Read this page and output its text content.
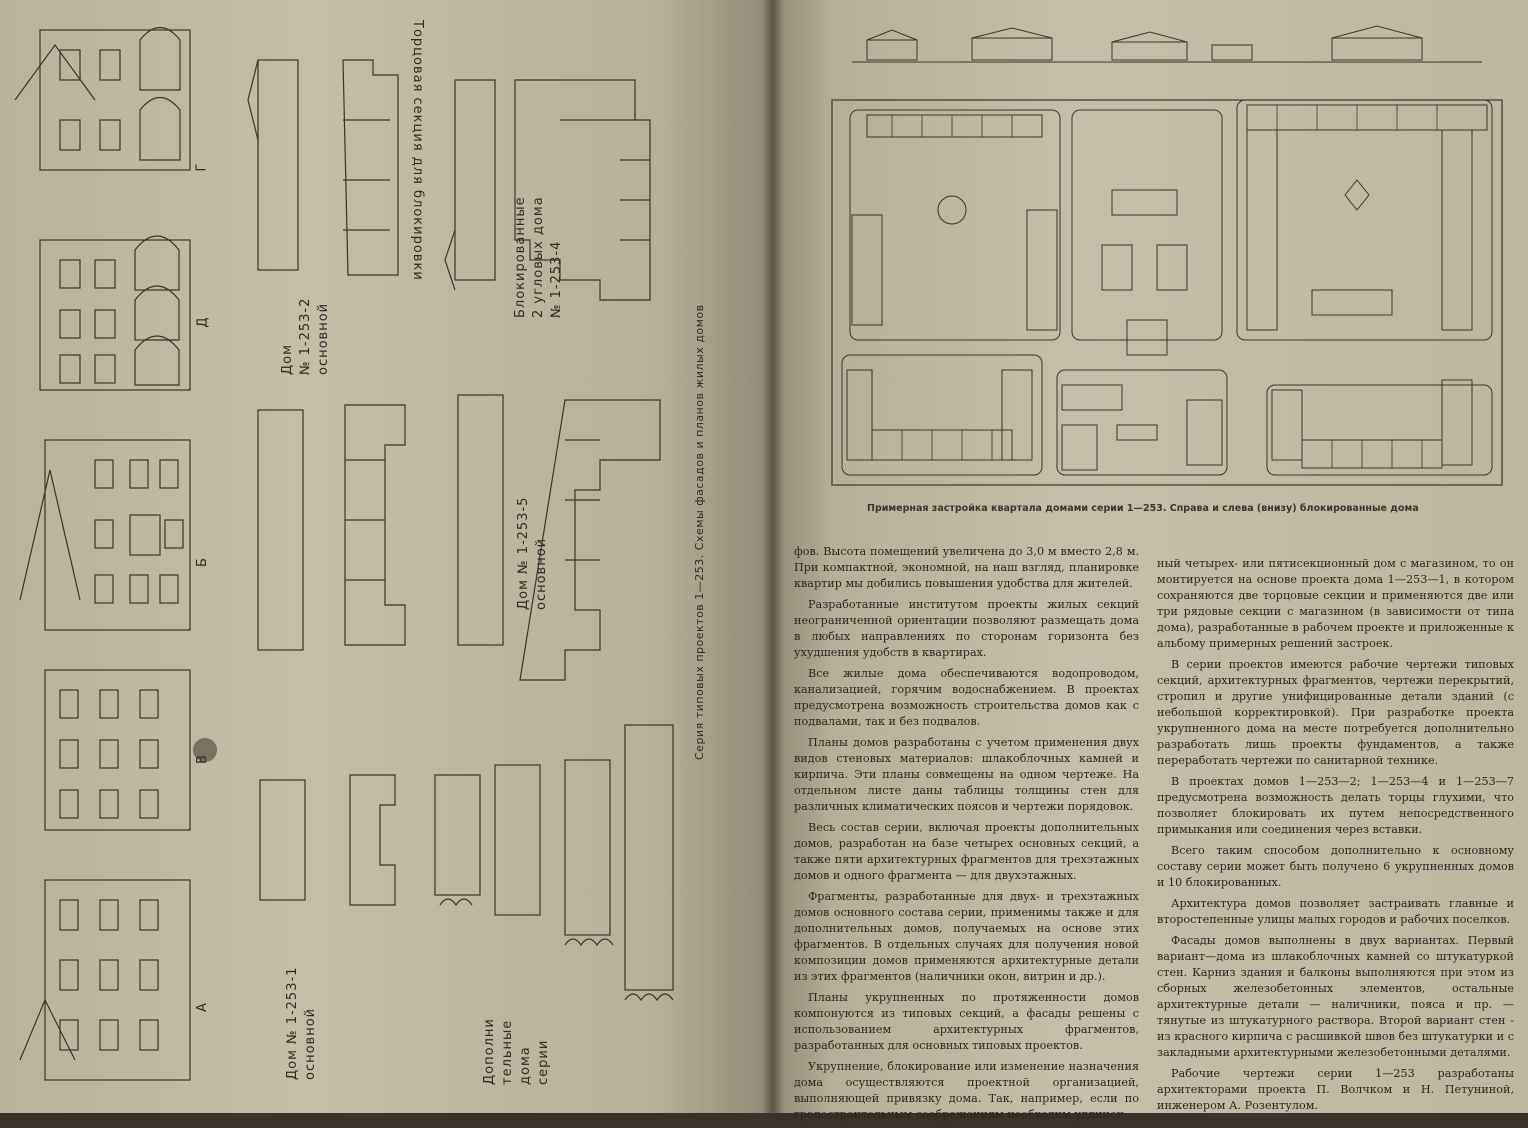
Г
Д
Б
В
А
Торцовая секция для блокировки
Дом № 1-253-2 основной
Блокированные 2 угловых дома № 1-253-4
Дом № 1-253-5 основной
Дом № 1-253-1 основной	Дополни тельные дома серии
Серия типовых проектов 1—253. Схемы фасадов и планов жилых домов	Примерная застройка квартала домами серии 1—253. Справа и слева (внизу) блокированные дома

фов. Высота помещений увеличена до 3,0 м вместо 2,8 м. При компактной, экономной, на наш взгляд, планировке квартир мы добились повышения удобства для жителей.

Разработанные институтом проекты жилых секций неограниченной ориентации позволяют размещать дома в любых направлениях по сторонам горизонта без ухудшения удобств в квартирах.

Все жилые дома обеспечиваются водопроводом, канализацией, горячим водоснабжением. В проектах предусмотрена возможность строительства домов как с подвалами, так и без подвалов.

Планы домов разработаны с учетом применения двух видов стеновых материалов: шлакоблочных камней и кирпича. Эти планы совмещены на одном чертеже. На отдельном листе даны таблицы толщины стен для различных климатических поясов и чертежи порядовок.

Весь состав серии, включая проекты дополнительных домов, разработан на базе четырех основных секций, а также пяти архитектурных фрагментов для трехэтажных домов и одного фрагмента — для двухэтажных.

Фрагменты, разработанные для двух- и трехэтажных домов основного состава серии, применимы также и для дополнительных домов, получаемых на основе этих фрагментов. В отдельных случаях для получения новой композиции домов применяются архитектурные детали из этих фрагментов (наличники окон, витрин и др.).

Планы укрупненных по протяженности домов компонуются из типовых секций, а фасады решены с использованием архитектурных фрагментов, разработанных для основных типовых проектов.

Укрупнение, блокирование или изменение назначения дома осуществляются проектной организацией, выполняющей привязку дома. Так, например, если по градостроительным соображениям необходим удлинен-

ный четырех- или пятисекционный дом с магазином, то он монтируется на основе проекта дома 1—253—1, в котором сохраняются две торцовые секции и применяются две или три рядовые секции с магазином (в зависимости от типа дома), разработанные в рабочем проекте и приложенные к альбому примерных решений застроек.

В серии проектов имеются рабочие чертежи типовых секций, архитектурных фрагментов, чертежи перекрытий, стропил и другие унифицированные детали зданий (с небольшой корректировкой). При разработке проекта укрупненного дома на месте потребуется дополнительно разработать лишь проекты фундаментов, а также переработать чертежи по санитарной технике.

В проектах домов 1—253—2; 1—253—4 и 1—253—7 предусмотрена возможность делать торцы глухими, что позволяет блокировать их путем непосредственного примыкания или соединения через вставки.

Всего таким способом дополнительно к основному составу серии может быть получено 6 укрупненных домов и 10 блокированных.

Архитектура домов позволяет застраивать главные и второстепенные улицы малых городов и рабочих поселков.

Фасады домов выполнены в двух вариантах. Первый вариант—дома из шлакоблочных камней со штукатуркой стен. Карниз здания и балконы выполняются при этом из сборных железобетонных элементов, остальные архитектурные детали — наличники, пояса и пр. — тянутые из штукатурного раствора. Второй вариант стен - из красного кирпича с расшивкой швов без штукатурки и с закладными архитектурными железобетонными деталями.

Рабочие чертежи серии 1—253 разработаны архитекторами проекта П. Волчком и Н. Петуниной, инженером А. Розентулом.
